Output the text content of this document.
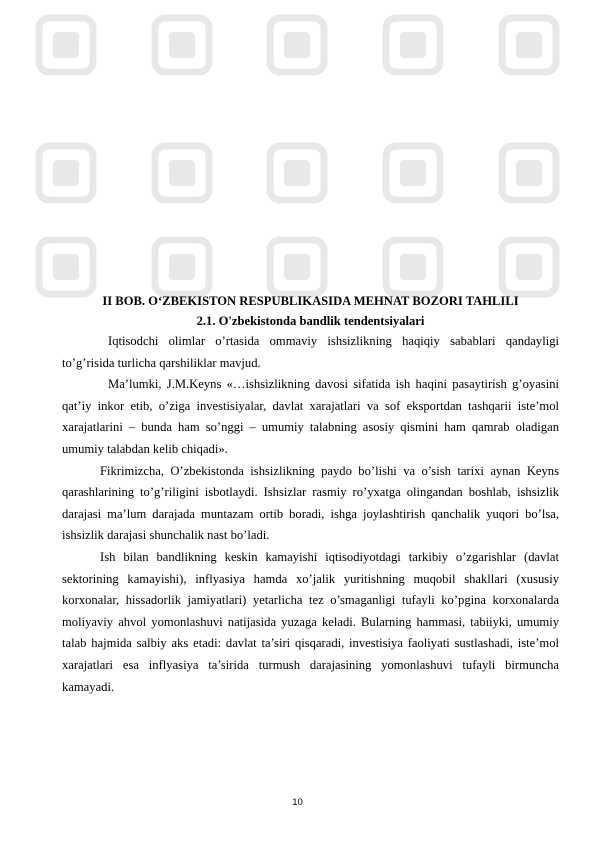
II BOB. O‘ZBEKISTON RESPUBLIKASIDA MEHNAT BOZORI TAHLILI
2.1. O'zbekistonda bandlik tendentsiyalari

Iqtisodchi olimlar o’rtasida ommaviy ishsizlikning haqiqiy sabablari qandayligi to’g’risida turlicha qarshiliklar mavjud.

Ma’lumki, J.M.Keyns «…ishsizlikning davosi sifatida ish haqini pasaytirish g’oyasini qat’iy inkor etib, o’ziga investisiyalar, davlat xarajatlari va sof eksportdan tashqarii iste’mol xarajatlarini – bunda ham so’nggi – umumiy talabning asosiy qismini ham qamrab oladigan umumiy talabdan kelib chiqadi».

Fikrimizcha, O’zbekistonda ishsizlikning paydo bo’lishi va o’sish tarixi aynan Keyns qarashlarining to’g’riligini isbotlaydi. Ishsizlar rasmiy ro’yxatga olingandan boshlab, ishsizlik darajasi ma’lum darajada muntazam ortib boradi, ishga joylashtirish qanchalik yuqori bo’lsa, ishsizlik darajasi shunchalik nast bo’ladi.

Ish bilan bandlikning keskin kamayishi iqtisodiyotdagi tarkibiy o’zgarishlar (davlat sektorining kamayishi), inflyasiya hamda xo’jalik yuritishning muqobil shakllari (xususiy korxonalar, hissadorlik jamiyatlari) yetarlicha tez o’smaganligi tufayli ko’pgina korxonalarda moliyaviy ahvol yomonlashuvi natijasida yuzaga keladi. Bularning hammasi, tabiiyki, umumiy talab hajmida salbiy aks etadi: davlat ta’siri qisqaradi, investisiya faoliyati sustlashadi, iste’mol xarajatlari esa inflyasiya ta’sirida turmush darajasining yomonlashuvi tufayli birmuncha kamayadi.

10
